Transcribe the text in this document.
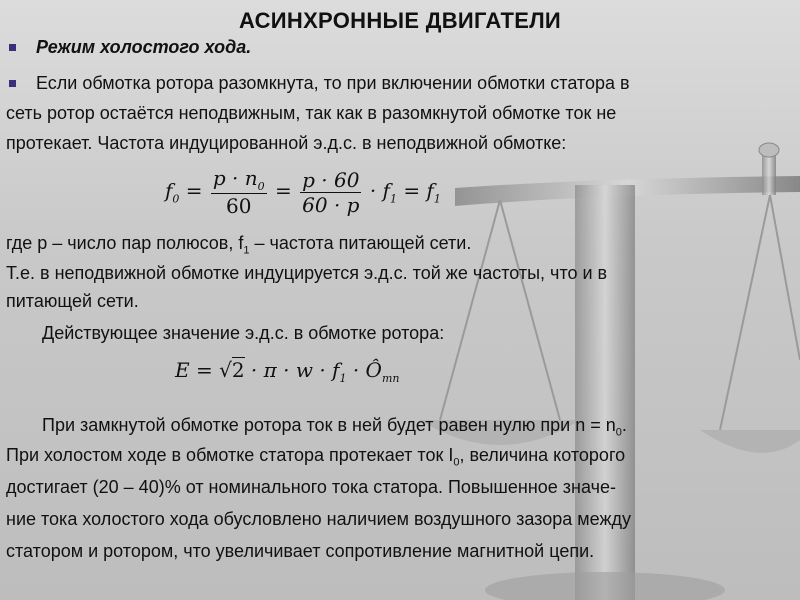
АСИНХРОННЫЕ ДВИГАТЕЛИ
Режим холостого хода.
Если обмотка ротора разомкнута, то при включении обмотки статора в
сеть ротор остаётся неподвижным, так как в разомкнутой обмотке ток не
протекает. Частота индуцированной э.д.с. в неподвижной обмотке:
$f_0 = \frac{p \cdot n_0}{60} = \frac{p \cdot 60}{60 \cdot p} \cdot f_1 = f_1$
где р – число пар полюсов, $f_1$ – частота питающей сети.
Т.е. в неподвижной обмотке индуцируется э.д.с. той же частоты, что и в
питающей сети.
Действующее значение э.д.с. в обмотке ротора:
$E = √2 \cdot \pi \cdot w \cdot f_1$ · $Ô_{тп}$
При замкнутой обмотке ротора ток в ней будет равен нулю при $n = n_0$.
При холостом ходе в обмотке статора протекает ток $I_0$, величина которого
достигает (20 – 40)% от номинального тока статора. Повышенное значе-
ние тока холостого хода обусловлено наличием воздушного зазора между
статором и ротором, что увеличивает сопротивление магнитной цепи.
